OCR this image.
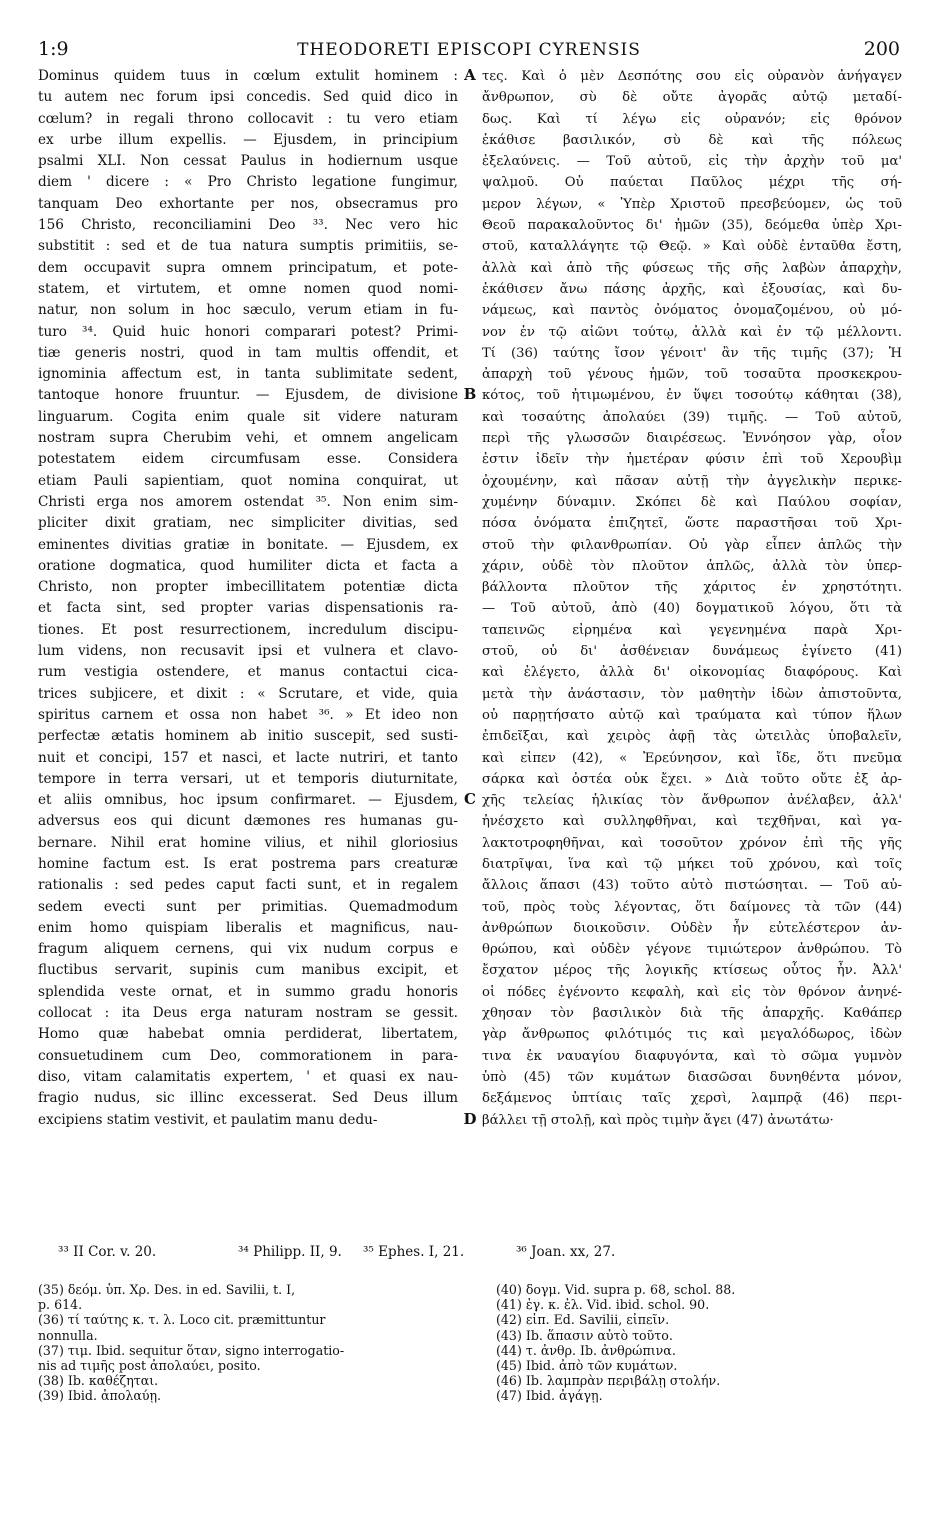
1:9	THEODORETI EPISCOPI CYRENSIS	200
Dominus quidem tuus in cœlum extulit hominem :
tu autem nec forum ipsi concedis. Sed quid dico in
cœlum? in regali throno collocavit : tu vero etiam
ex urbe illum expellis. — Ejusdem, in principium
psalmi XLI. Non cessat Paulus in hodiernum usque
diem ' dicere : « Pro Christo legatione fungimur,
tanquam Deo exhortante per nos, obsecramus pro
156 Christo, reconciliamini Deo ³³. Nec vero hic
substitit : sed et de tua natura sumptis primitiis, se-
dem occupavit supra omnem principatum, et pote-
statem, et virtutem, et omne nomen quod nomi-
natur, non solum in hoc sæculo, verum etiam in fu-
turo ³⁴. Quid huic honori comparari potest? Primi-
tiæ generis nostri, quod in tam multis offendit, et
ignominia affectum est, in tanta sublimitate sedent,
tantoque honore fruuntur. — Ejusdem, de divisione
linguarum. Cogita enim quale sit videre naturam
nostram supra Cherubim vehi, et omnem angelicam
potestatem eidem circumfusam esse. Considera
etiam Pauli sapientiam, quot nomina conquirat, ut
Christi erga nos amorem ostendat ³⁵. Non enim sim-
pliciter dixit gratiam, nec simpliciter divitias, sed
eminentes divitias gratiæ in bonitate. — Ejusdem, ex
oratione dogmatica, quod humiliter dicta et facta a
Christo, non propter imbecillitatem potentiæ dicta
et facta sint, sed propter varias dispensationis ra-
tiones. Et post resurrectionem, incredulum discipu-
lum videns, non recusavit ipsi et vulnera et clavo-
rum vestigia ostendere, et manus contactui cica-
trices subjicere, et dixit : « Scrutare, et vide, quia
spiritus carnem et ossa non habet ³⁶. » Et ideo non
perfectæ ætatis hominem ab initio suscepit, sed susti-
nuit et concipi, 157 et nasci, et lacte nutriri, et tanto
tempore in terra versari, ut et temporis diuturnitate,
et aliis omnibus, hoc ipsum confirmaret. — Ejusdem,
adversus eos qui dicunt dæmones res humanas gu-
bernare. Nihil erat homine vilius, et nihil gloriosius
homine factum est. Is erat postrema pars creaturæ
rationalis : sed pedes caput facti sunt, et in regalem
sedem evecti sunt per primitias. Quemadmodum
enim homo quispiam liberalis et magnificus, nau-
fragum aliquem cernens, qui vix nudum corpus e
fluctibus servarit, supinis cum manibus excipit, et
splendida veste ornat, et in summo gradu honoris
collocat : ita Deus erga naturam nostram se gessit.
Homo quæ habebat omnia perdiderat, libertatem,
consuetudinem cum Deo, commorationem in para-
diso, vitam calamitatis expertem, ' et quasi ex nau-
fragio nudus, sic illinc excesserat. Sed Deus illum
excipiens statim vestivit, et paulatim manu dedu-
τες. Καὶ ὁ μὲν Δεσπότης σου εἰς οὐρανὸν ἀνήγαγεν
ἄνθρωπον, σὺ δὲ οὔτε ἀγορᾶς αὐτῷ μεταδί-
δως. Καὶ τί λέγω εἰς οὐρανόν; εἰς θρόνον
ἐκάθισε βασιλικόν, σὺ δὲ καὶ τῆς πόλεως
ἐξελαύνεις. — Τοῦ αὐτοῦ, εἰς τὴν ἀρχὴν τοῦ μα'
ψαλμοῦ. Οὐ παύεται Παῦλος μέχρι τῆς σή-
μερον λέγων, « Ὑπὲρ Χριστοῦ πρεσβεύομεν, ὡς τοῦ
Θεοῦ παρακαλοῦντος δι' ἡμῶν (35), δεόμεθα ὑπὲρ Χρι-
στοῦ, καταλλάγητε τῷ Θεῷ. » Καὶ οὐδὲ ἐνταῦθα ἔστη,
ἀλλὰ καὶ ἀπὸ τῆς φύσεως τῆς σῆς λαβὼν ἀπαρχὴν,
ἐκάθισεν ἄνω πάσης ἀρχῆς, καὶ ἐξουσίας, καὶ δυ-
νάμεως, καὶ παντὸς ὀνόματος ὀνομαζομένου, οὐ μό-
νον ἐν τῷ αἰῶνι τούτῳ, ἀλλὰ καὶ ἐν τῷ μέλλοντι.
Τί (36) ταύτης ἴσον γένοιτ' ἂν τῆς τιμῆς (37); Ἡ
ἀπαρχὴ τοῦ γένους ἡμῶν, τοῦ τοσαῦτα προσκεκρου-
κότος, τοῦ ἠτιμωμένου, ἐν ὕψει τοσούτῳ κάθηται (38),
καὶ τοσαύτης ἀπολαύει (39) τιμῆς. — Τοῦ αὐτοῦ,
περὶ τῆς γλωσσῶν διαιρέσεως. Ἐννόησον γὰρ, οἷον
ἐστιν ἰδεῖν τὴν ἡμετέραν φύσιν ἐπὶ τοῦ Χερουβὶμ
ὀχουμένην, καὶ πᾶσαν αὐτῇ τὴν ἀγγελικὴν περικε-
χυμένην δύναμιν. Σκόπει δὲ καὶ Παύλου σοφίαν,
πόσα ὀνόματα ἐπιζητεῖ, ὥστε παραστῆσαι τοῦ Χρι-
στοῦ τὴν φιλανθρωπίαν. Οὐ γὰρ εἶπεν ἁπλῶς τὴν
χάριν, οὐδὲ τὸν πλοῦτον ἁπλῶς, ἀλλὰ τὸν ὑπερ-
βάλλοντα πλοῦτον τῆς χάριτος ἐν χρηστότητι.
— Τοῦ αὐτοῦ, ἀπὸ (40) δογματικοῦ λόγου, ὅτι τὰ
ταπεινῶς εἰρημένα καὶ γεγενημένα παρὰ Χρι-
στοῦ, οὐ δι' ἀσθένειαν δυνάμεως ἐγίνετο (41)
καὶ ἐλέγετο, ἀλλὰ δι' οἰκονομίας διαφόρους. Καὶ
μετὰ τὴν ἀνάστασιν, τὸν μαθητὴν ἰδὼν ἀπιστοῦντα,
οὐ παρῃτήσατο αὐτῷ καὶ τραύματα καὶ τύπον ἥλων
ἐπιδεῖξαι, καὶ χειρὸς ἀφῇ τὰς ὠτειλὰς ὑποβαλεῖν,
καὶ εἰπεν (42), « Ἐρεύνησον, καὶ ἴδε, ὅτι πνεῦμα
σάρκα καὶ ὀστέα οὐκ ἔχει. » Διὰ τοῦτο οὔτε ἐξ ἀρ-
χῆς τελείας ἡλικίας τὸν ἄνθρωπον ἀνέλαβεν, ἀλλ'
ἠνέσχετο καὶ συλληφθῆναι, καὶ τεχθῆναι, καὶ γα-
λακτοτροφηθῆναι, καὶ τοσοῦτον χρόνον ἐπὶ τῆς γῆς
διατρῖψαι, ἵνα καὶ τῷ μήκει τοῦ χρόνου, καὶ τοῖς
ἄλλοις ἅπασι (43) τοῦτο αὐτὸ πιστώσηται. — Τοῦ αὐ-
τοῦ, πρὸς τοὺς λέγοντας, ὅτι δαίμονες τὰ τῶν (44)
ἀνθρώπων διοικοῦσιν. Οὐδὲν ἦν εὐτελέστερον ἀν-
θρώπου, καὶ οὐδὲν γέγονε τιμιώτερον ἀνθρώπου. Τὸ
ἔσχατον μέρος τῆς λογικῆς κτίσεως οὗτος ἦν. Ἀλλ'
οἱ πόδες ἐγένοντο κεφαλὴ, καὶ εἰς τὸν θρόνον ἀνηνέ-
χθησαν τὸν βασιλικὸν διὰ τῆς ἀπαρχῆς. Καθάπερ
γὰρ ἄνθρωπος φιλότιμός τις καὶ μεγαλόδωρος, ἰδὼν
τινα ἐκ ναυαγίου διαφυγόντα, καὶ τὸ σῶμα γυμνὸν
ὑπὸ (45) τῶν κυμάτων διασῶσαι δυνηθέντα μόνον,
δεξάμενος ὑπτίαις ταῖς χερσὶ, λαμπρᾷ (46) περι-
βάλλει τῇ στολῇ, καὶ πρὸς τιμὴν ἄγει (47) ἀνωτάτω·
A
B
C
D
³³ II Cor. v. 20.	³⁴ Philipp. II, 9. ³⁵ Ephes. I, 21.	³⁶ Joan. xx, 27.
(35) δεόμ. ὑπ. Χρ. Des. in ed. Savilii, t. I,
p. 614.
(36) τί ταύτης κ. τ. λ. Loco cit. præmittuntur
nonnulla.
(37) τιμ. Ibid. sequitur ὅταν, signo interrogatio-
nis ad τιμῆς post ἀπολαύει, posito.
(38) Ib. καθέζηται.
(39) Ibid. ἀπολαύῃ.
(40) δογμ. Vid. supra p. 68, schol. 88.
(41) ἐγ. κ. ἐλ. Vid. ibid. schol. 90.
(42) εἰπ. Ed. Savilii, εἰπεῖν.
(43) Ib. ἅπασιν αὐτὸ τοῦτο.
(44) τ. ἀνθρ. Ib. ἀνθρώπινα.
(45) Ibid. ἀπὸ τῶν κυμάτων.
(46) Ib. λαμπρὰν περιβάλῃ στολήν.
(47) Ibid. ἀγάγῃ.
